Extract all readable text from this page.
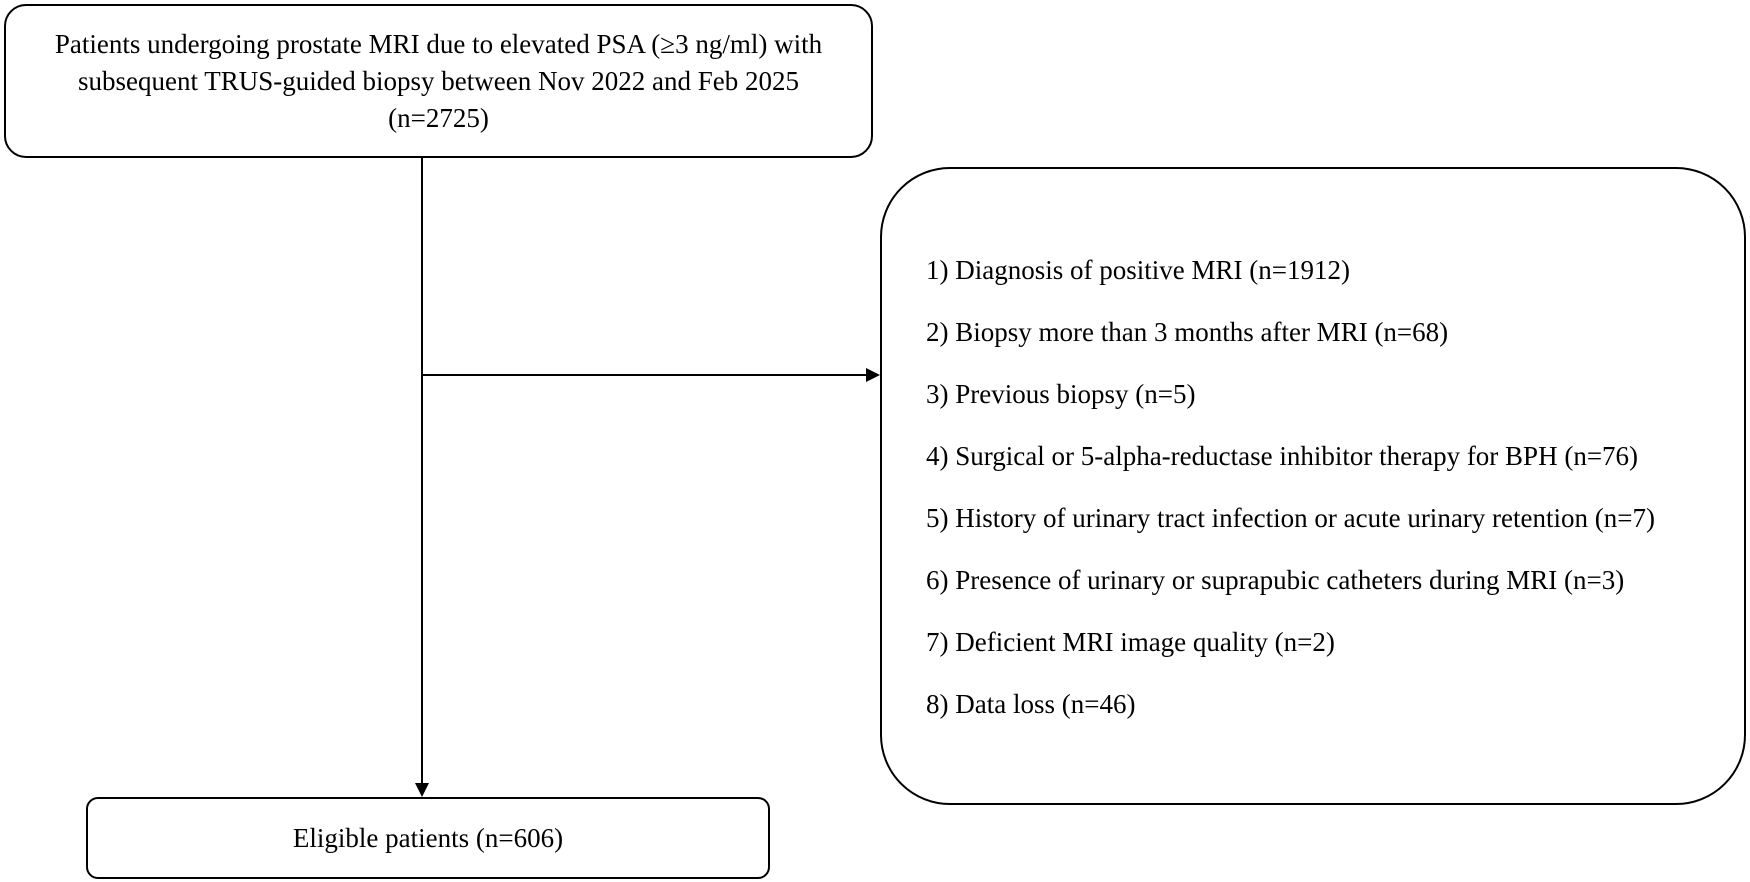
Patients undergoing prostate MRI due to elevated PSA (≥3 ng/ml) with
subsequent TRUS-guided biopsy between Nov 2022 and Feb 2025
(n=2725)
1) Diagnosis of positive MRI (n=1912)
2) Biopsy more than 3 months after MRI (n=68)
3) Previous biopsy (n=5)
4) Surgical or 5-alpha-reductase inhibitor therapy for BPH (n=76)
5) History of urinary tract infection or acute urinary retention (n=7)
6) Presence of urinary or suprapubic catheters during MRI (n=3)
7) Deficient MRI image quality (n=2)
8) Data loss (n=46)
Eligible patients (n=606)
